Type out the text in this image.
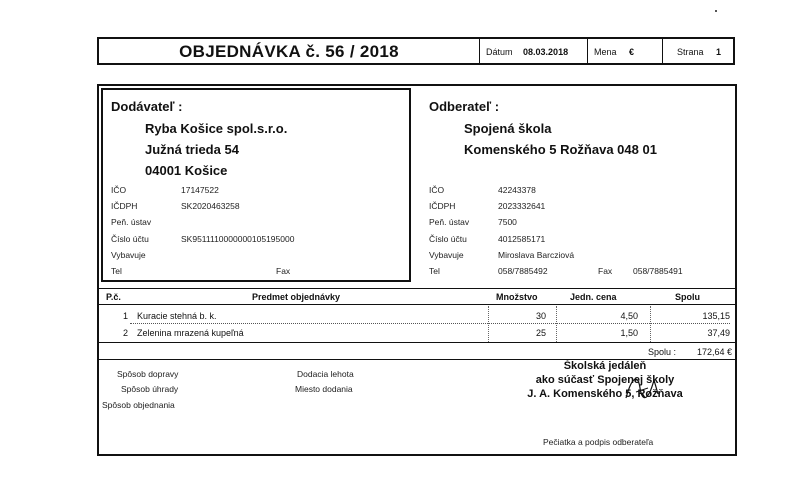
OBJEDNÁVKA č. 56 / 2018	Dátum 08.03.2018	Mena €	Strana 1
Dodávateľ :
Ryba Košice spol.s.r.o.
Južná trieda 54
04001 Košice
IČO	17147522
IČDPH	SK2020463258
Peň. ústav
Číslo účtu	SK9511110000000105195000
Vybavuje
Tel	Fax
Odberateľ :
Spojená škola
Komenského 5 Rožňava 048 01
IČO	42243378
IČDPH	2023332641
Peň. ústav	7500
Číslo účtu	4012585171
Vybavuje	Miroslava Barcziová
Tel	058/7885492	Fax 058/7885491
P.č.	Predmet objednávky	Množstvo	Jedn. cena	Spolu
1 Kuracie stehná b. k.	30	4,50	135,15
2 Zelenina mrazená kupeľná	25	1,50	37,49
Spolu :	172,64 €
Spôsob dopravy
Spôsob úhrady
Spôsob objednania
Dodacia lehota
Miesto dodania
Školská jedáleň
ako súčasť Spojenej školy
J. A. Komenského 5, Rožňava
Pečiatka a podpis odberateľa
